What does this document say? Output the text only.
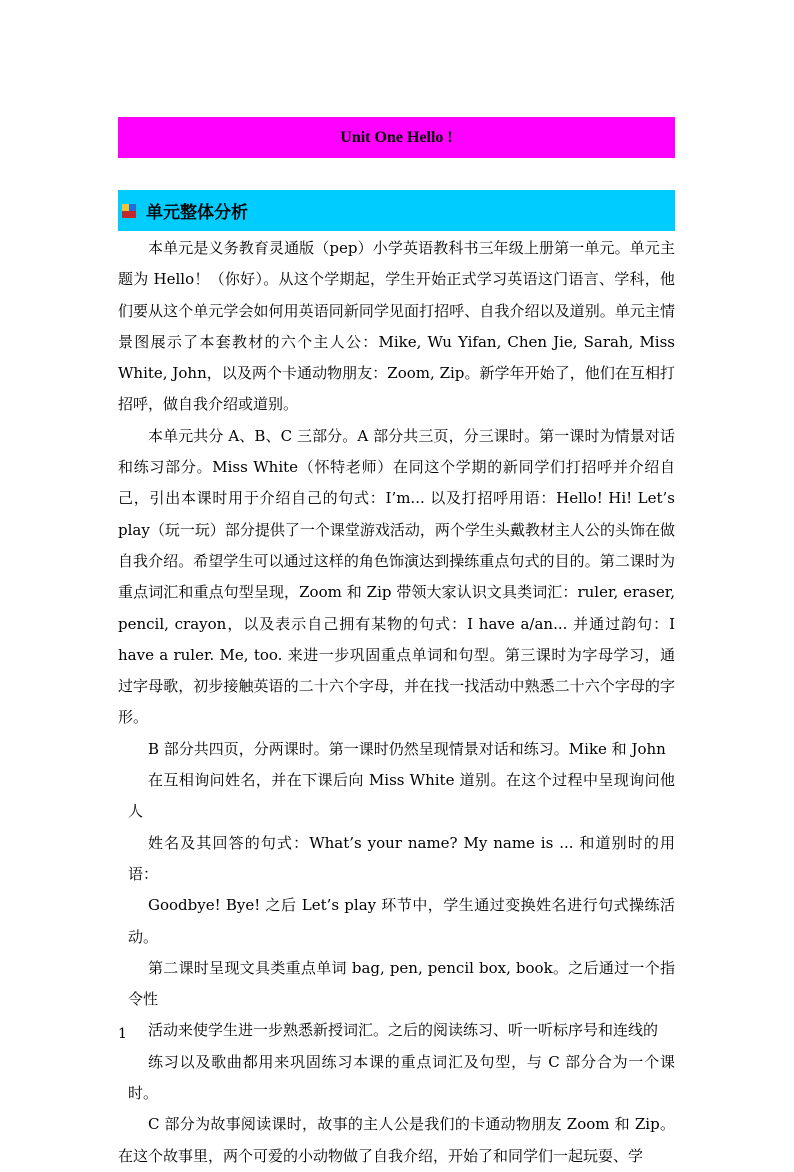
Unit One Hello !
单元整体分析

本单元是义务教育灵通版（pep）小学英语教科书三年级上册第一单元。单元主题为 Hello！（你好）。从这个学期起，学生开始正式学习英语这门语言、学科，他们要从这个单元学会如何用英语同新同学见面打招呼、自我介绍以及道别。单元主情景图展示了本套教材的六个主人公：Mike, Wu Yifan, Chen Jie, Sarah, Miss White, John，以及两个卡通动物朋友：Zoom, Zip。新学年开始了，他们在互相打招呼，做自我介绍或道别。

本单元共分 A、B、C 三部分。A 部分共三页，分三课时。第一课时为情景对话和练习部分。Miss White（怀特老师）在同这个学期的新同学们打招呼并介绍自己，引出本课时用于介绍自己的句式：I’m... 以及打招呼用语：Hello! Hi! Let’s play（玩一玩）部分提供了一个课堂游戏活动，两个学生头戴教材主人公的头饰在做自我介绍。希望学生可以通过这样的角色饰演达到操练重点句式的目的。第二课时为重点词汇和重点句型呈现，Zoom 和 Zip 带领大家认识文具类词汇：ruler, eraser, pencil, crayon，以及表示自己拥有某物的句式：I have a/an... 并通过韵句：I have a ruler. Me, too. 来进一步巩固重点单词和句型。第三课时为字母学习，通过字母歌，初步接触英语的二十六个字母，并在找一找活动中熟悉二十六个字母的字形。

B 部分共四页，分两课时。第一课时仍然呈现情景对话和练习。Mike 和 John
在互相询问姓名，并在下课后向 Miss White 道别。在这个过程中呈现询问他人
姓名及其回答的句式：What’s your name? My name is ... 和道别时的用语：
Goodbye! Bye! 之后 Let’s play 环节中，学生通过变换姓名进行句式操练活动。
第二课时呈现文具类重点单词 bag, pen, pencil box, book。之后通过一个指令性
活动来使学生进一步熟悉新授词汇。之后的阅读练习、听一听标序号和连线的
练习以及歌曲都用来巩固练习本课的重点词汇及句型，与 C 部分合为一个课时。

C 部分为故事阅读课时，故事的主人公是我们的卡通动物朋友 Zoom 和 Zip。在这个故事里，两个可爱的小动物做了自我介绍，开始了和同学们一起玩耍、学

1
